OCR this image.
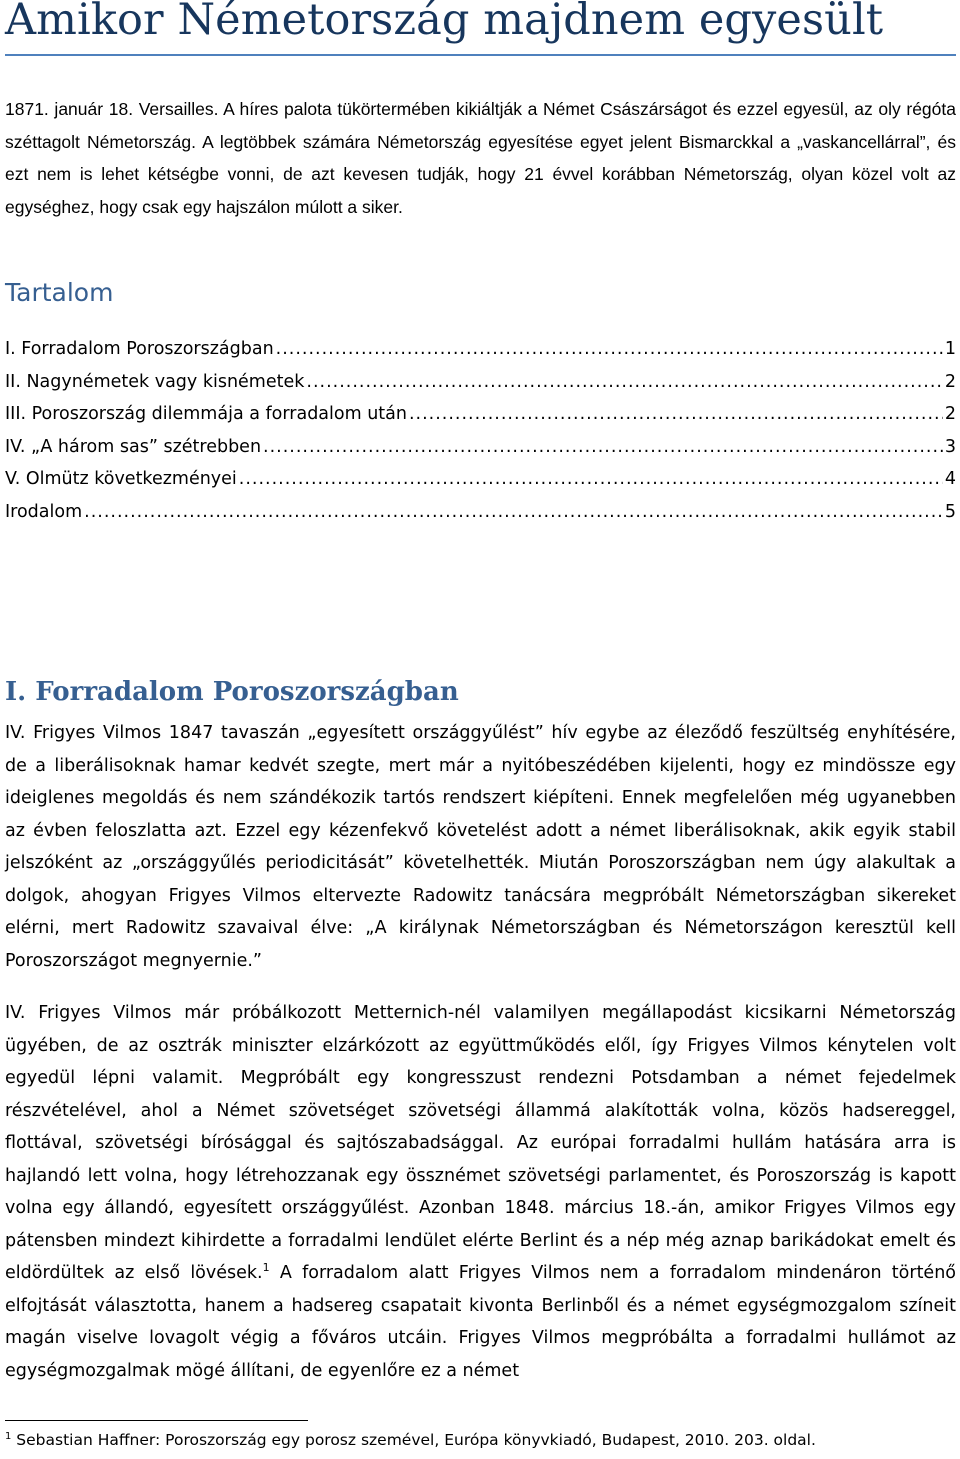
Amikor Németország majdnem egyesült

1871. január 18. Versailles. A híres palota tükörtermében kikiáltják a Német Császárságot és ezzel egyesül, az oly régóta széttagolt Németország. A legtöbbek számára Németország egyesítése egyet jelent Bismarckkal a „vaskancellárral”, és ezt nem is lehet kétségbe vonni, de azt kevesen tudják, hogy 21 évvel korábban Németország, olyan közel volt az egységhez, hogy csak egy hajszálon múlott a siker.

Tartalom
I. Forradalom Poroszországban .....	1
II. Nagynémetek vagy kisnémetek .....	2
III. Poroszország dilemmája a forradalom után .....	2
IV. „A három sas” szétrebben .....	3
V. Olmütz következményei .....	4
Irodalom .....	5
I. Forradalom Poroszországban

IV. Frigyes Vilmos 1847 tavaszán „egyesített országgyűlést” hív egybe az éleződő feszültség enyhítésére, de a liberálisoknak hamar kedvét szegte, mert már a nyitóbeszédében kijelenti, hogy ez mindössze egy ideiglenes megoldás és nem szándékozik tartós rendszert kiépíteni. Ennek megfelelően még ugyanebben az évben feloszlatta azt. Ezzel egy kézenfekvő követelést adott a német liberálisoknak, akik egyik stabil jelszóként az „országgyűlés periodicitását” követelhették. Miután Poroszországban nem úgy alakultak a dolgok, ahogyan Frigyes Vilmos eltervezte Radowitz tanácsára megpróbált Németországban sikereket elérni, mert Radowitz szavaival élve: „A királynak Németországban és Németországon keresztül kell Poroszországot megnyernie.”

IV. Frigyes Vilmos már próbálkozott Metternich-nél valamilyen megállapodást kicsikarni Németország ügyében, de az osztrák miniszter elzárkózott az együttműködés elől, így Frigyes Vilmos kénytelen volt egyedül lépni valamit. Megpróbált egy kongresszust rendezni Potsdamban a német fejedelmek részvételével, ahol a Német szövetséget szövetségi állammá alakították volna, közös hadsereggel, flottával, szövetségi bírósággal és sajtószabadsággal. Az európai forradalmi hullám hatására arra is hajlandó lett volna, hogy létrehozzanak egy össznémet szövetségi parlamentet, és Poroszország is kapott volna egy állandó, egyesített országgyűlést. Azonban 1848. március 18.-án, amikor Frigyes Vilmos egy pátensben mindezt kihirdette a forradalmi lendület elérte Berlint és a nép még aznap barikádokat emelt és eldördültek az első lövések.$^1$ A forradalom alatt Frigyes Vilmos nem a forradalom mindenáron történő elfojtását választotta, hanem a hadsereg csapatait kivonta Berlinből és a német egységmozgalom színeit magán viselve lovagolt végig a főváros utcáin. Frigyes Vilmos megpróbálta a forradalmi hullámot az egységmozgalmak mögé állítani, de egyenlőre ez a német

$^1$ Sebastian Haffner: Poroszország egy porosz szemével, Európa könyvkiadó, Budapest, 2010. 203. oldal.
